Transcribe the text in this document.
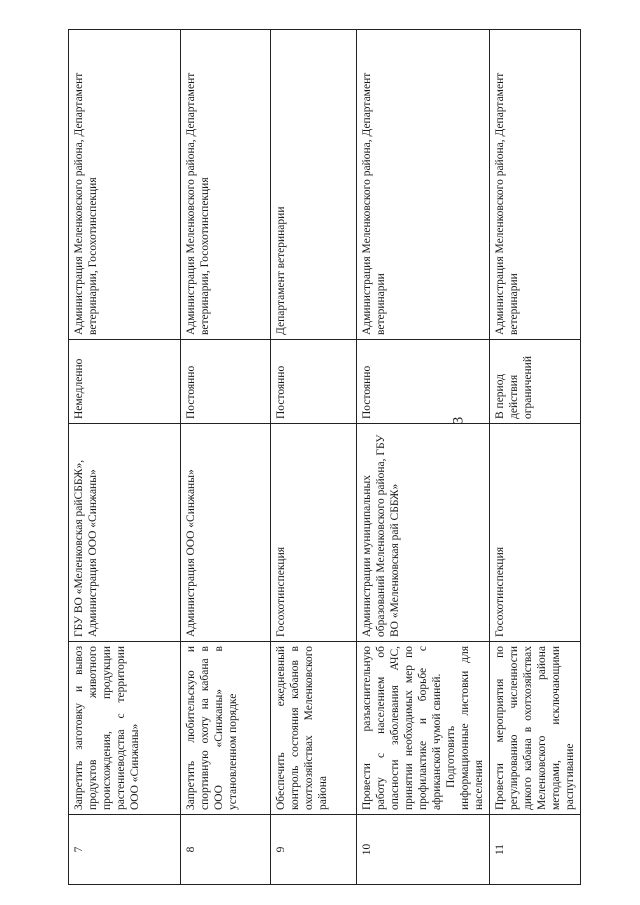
3
7	Запретить заготовку и вывоз продуктов животного происхождения, продукции растениеводства с территории ООО «Синжаны»	ГБУ ВО «Меленковская райСББЖ», Администрация ООО «Синжаны»	Немедленно	Администрация Меленковского района, Департамент ветеринарии, Госохотинспекция
8	Запретить любительскую и спортивную охоту на кабана в ООО «Синжаны» в установленном порядке	Администрация ООО «Синжаны»	Постоянно	Администрация Меленковского района, Департамент ветеринарии, Госохотинспекция
9	Обеспечить ежедневный контроль состояния кабанов в охотхозяйствах Меленковского района	Госохотинспекция	Постоянно	Департамент ветеринарии
10	Провести разъяснительную работу с населением об опасности заболевания АЧС, принятии необходимых мер по профилактике и борьбе с африканской чумой свиней. Подготовить информационные листовки для населения	Администрации муниципальных образований Меленковского района, ГБУ ВО «Меленковская рай СББЖ»	Постоянно	Администрация Меленковского района, Департамент ветеринарии
11	Провести мероприятия по регулированию численности дикого кабана в охотхозяйствах Меленковского района методами, исключающими распугивание	Госохотинспекция	В период действия ограничений	Администрация Меленковского района, Департамент ветеринарии
